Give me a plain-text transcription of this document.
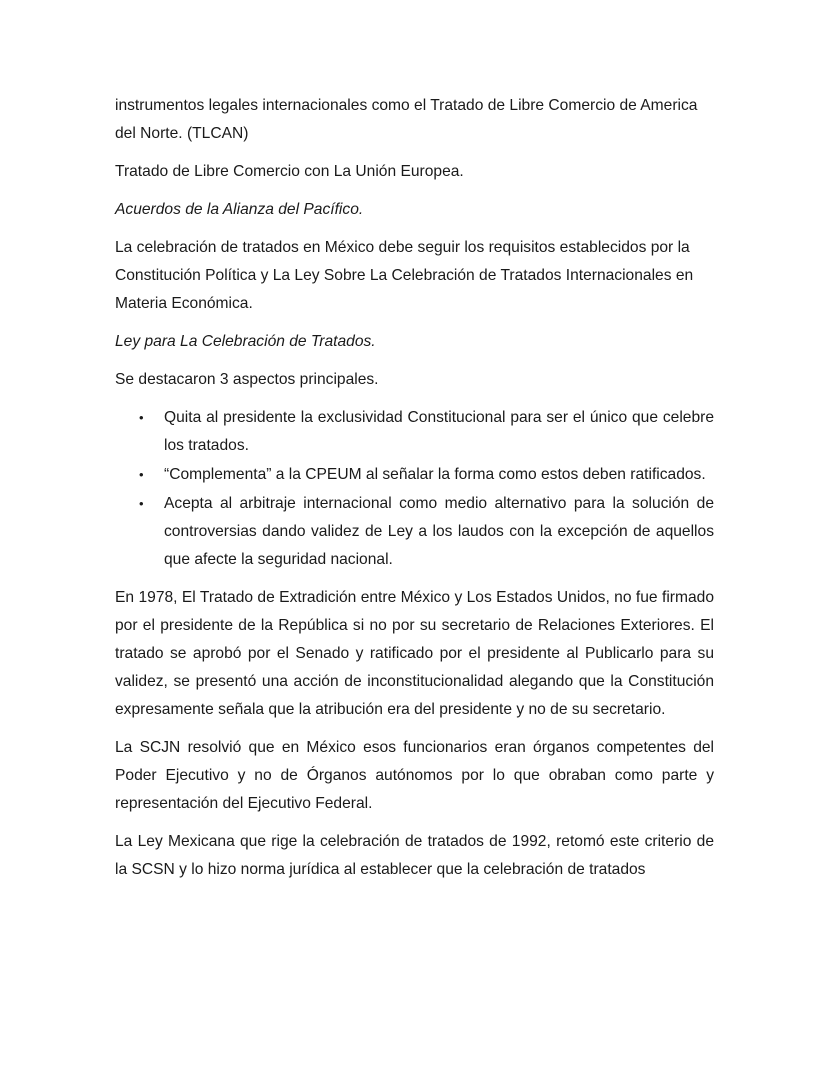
instrumentos legales internacionales como el Tratado de Libre Comercio de America del Norte. (TLCAN)

Tratado de Libre Comercio con La Unión Europea.

Acuerdos de la Alianza del Pacífico.

La celebración de tratados en México debe seguir los requisitos establecidos por la Constitución Política y La Ley Sobre La Celebración de Tratados Internacionales en Materia Económica.

Ley para La Celebración de Tratados.

Se destacaron 3 aspectos principales.

• Quita al presidente la exclusividad Constitucional para ser el único que celebre los tratados.
• “Complementa” a la CPEUM al señalar la forma como estos deben ratificados.
• Acepta al arbitraje internacional como medio alternativo para la solución de controversias dando validez de Ley a los laudos con la excepción de aquellos que afecte la seguridad nacional.

En 1978, El Tratado de Extradición entre México y Los Estados Unidos, no fue firmado por el presidente de la República si no por su secretario de Relaciones Exteriores. El tratado se aprobó por el Senado y ratificado por el presidente al Publicarlo para su validez, se presentó una acción de inconstitucionalidad alegando que la Constitución expresamente señala que la atribución era del presidente y no de su secretario.

La SCJN resolvió que en México esos funcionarios eran órganos competentes del Poder Ejecutivo y no de Órganos autónomos por lo que obraban como parte y representación del Ejecutivo Federal.

La Ley Mexicana que rige la celebración de tratados de 1992, retomó este criterio de la SCSN y lo hizo norma jurídica al establecer que la celebración de tratados
